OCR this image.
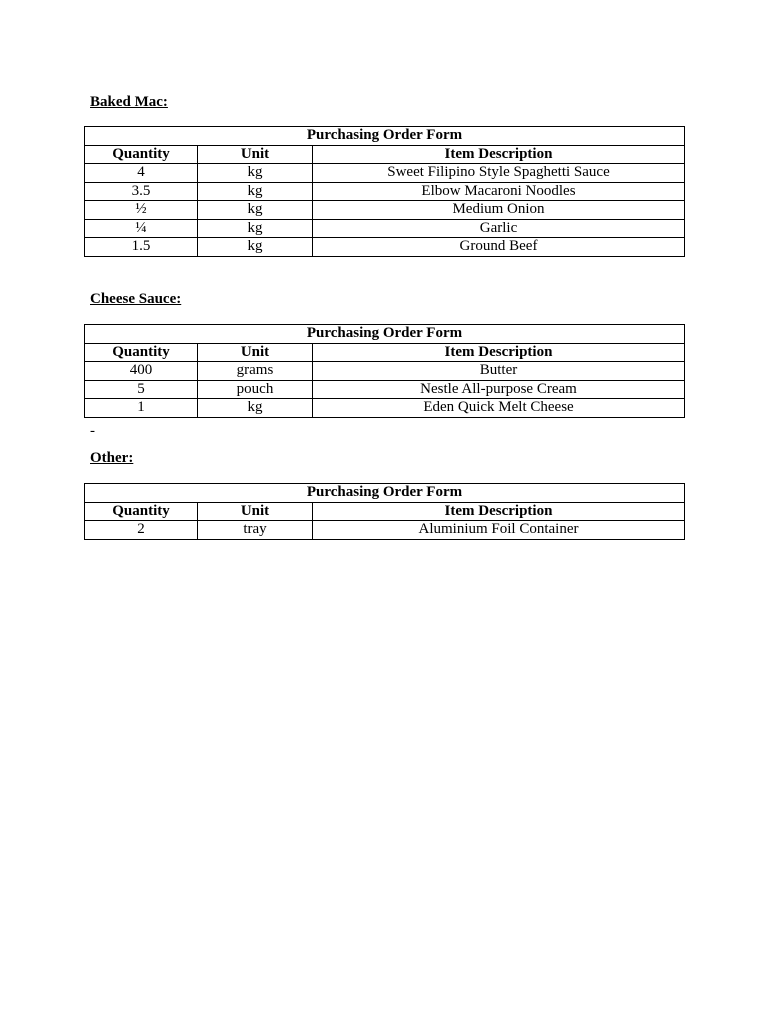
Baked Mac:

Purchasing Order Form		
Quantity	Unit	Item Description
4	kg	Sweet Filipino Style Spaghetti Sauce
3.5	kg	Elbow Macaroni Noodles
½	kg	Medium Onion
¼	kg	Garlic
1.5	kg	Ground Beef

Cheese Sauce:

Purchasing Order Form		
Quantity	Unit	Item Description
400	grams	Butter
5	pouch	Nestle All-purpose Cream
1	kg	Eden Quick Melt Cheese
-

Other:

Purchasing Order Form		
Quantity	Unit	Item Description
2	tray	Aluminium Foil Container
